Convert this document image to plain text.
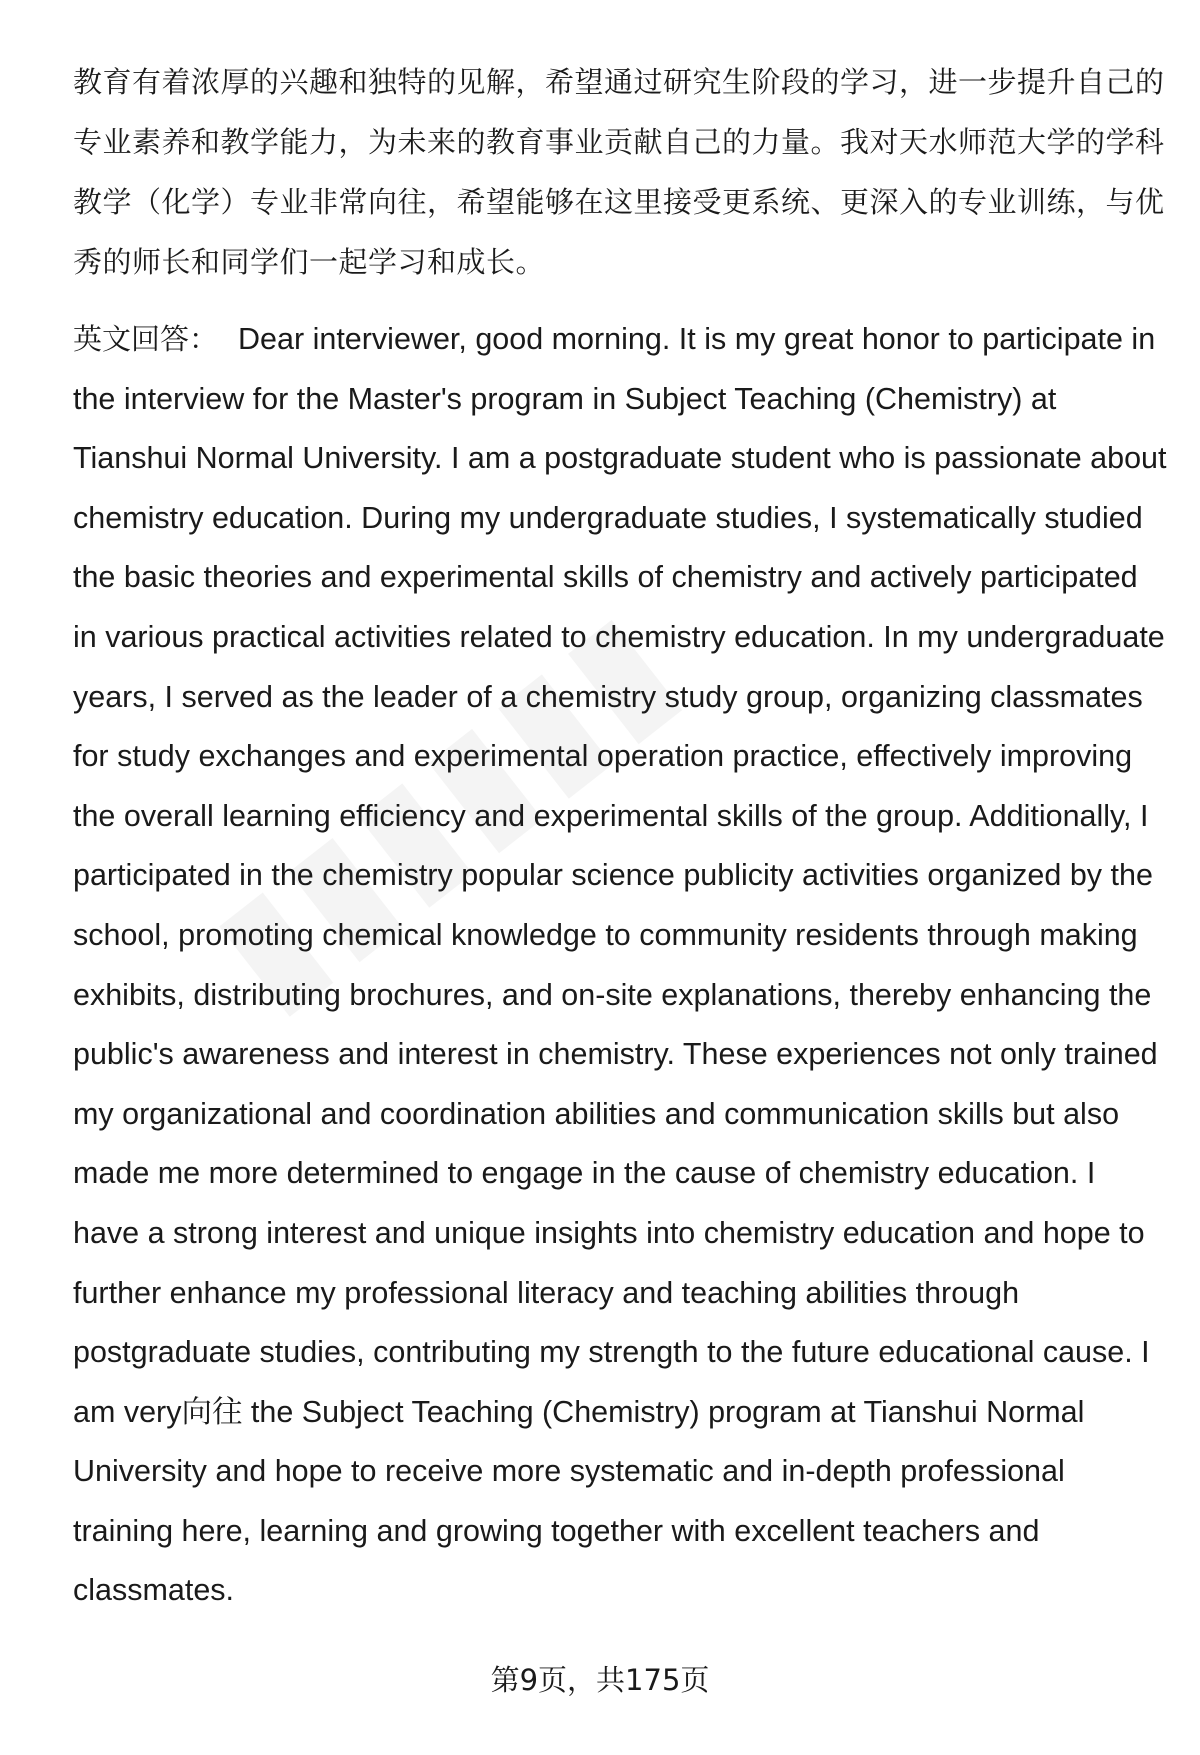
教育有着浓厚的兴趣和独特的见解，希望通过研究生阶段的学习，进一步提升自己的专业素养和教学能力，为未来的教育事业贡献自己的力量。我对天水师范大学的学科教学（化学）专业非常向往，希望能够在这里接受更系统、更深入的专业训练，与优秀的师长和同学们一起学习和成长。

英文回答： Dear interviewer, good morning. It is my great honor to participate in the interview for the Master's program in Subject Teaching (Chemistry) at Tianshui Normal University. I am a postgraduate student who is passionate about chemistry education. During my undergraduate studies, I systematically studied the basic theories and experimental skills of chemistry and actively participated in various practical activities related to chemistry education. In my undergraduate years, I served as the leader of a chemistry study group, organizing classmates for study exchanges and experimental operation practice, effectively improving the overall learning efficiency and experimental skills of the group. Additionally, I participated in the chemistry popular science publicity activities organized by the school, promoting chemical knowledge to community residents through making exhibits, distributing brochures, and on-site explanations, thereby enhancing the public's awareness and interest in chemistry. These experiences not only trained my organizational and coordination abilities and communication skills but also made me more determined to engage in the cause of chemistry education. I have a strong interest and unique insights into chemistry education and hope to further enhance my professional literacy and teaching abilities through postgraduate studies, contributing my strength to the future educational cause. I am very向往 the Subject Teaching (Chemistry) program at Tianshui Normal University and hope to receive more systematic and in-depth professional training here, learning and growing together with excellent teachers and classmates.

第9页，共175页
